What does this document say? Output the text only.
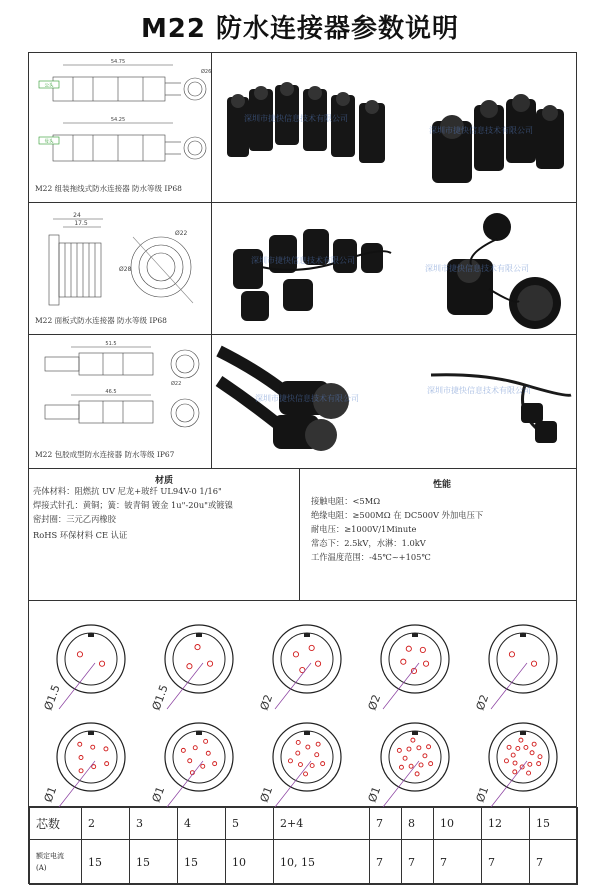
M22 防水连接器参数说明
公头
母头
54.75
54.25
Ø26
M22 组装拖线式防水连接器 防水等级 IP68
深圳市捷快信息技术有限公司
深圳市捷快信息技术有限公司
24
17.5
Ø22
Ø28
M22 面板式防水连接器 防水等级 IP68
深圳市捷快信息技术有限公司
深圳市捷快信息技术有限公司
51.5
46.5
Ø22
M22 包胶成型防水连接器 防水等级 IP67
深圳市捷快信息技术有限公司
深圳市捷快信息技术有限公司
材质
壳体材料：阻燃抗 UV 尼龙+玻纤 UL94V-0 1/16"
焊接式针孔：黄铜；簧：铍青铜 镀金 1u"-20u"或镀镍
密封圈：三元乙丙橡胶
RoHS 环保材料 CE 认证
性能
接触电阻：<5MΩ
绝缘电阻：≥500MΩ 在 DC500V 外加电压下
耐电压：≥1000V/1Minute
常态下：2.5kV，水淋：1.0kV
工作温度范围：-45℃~+105℃
Ø1.5	Ø1.5	Ø2	Ø2	Ø2
Ø1	Ø1	Ø1	Ø1	Ø1
芯数	2	3	4	5	2+4	7	8	10	12	15

额定电流
(A)	15	15	15	10	10, 15	7	7	7	7	7
